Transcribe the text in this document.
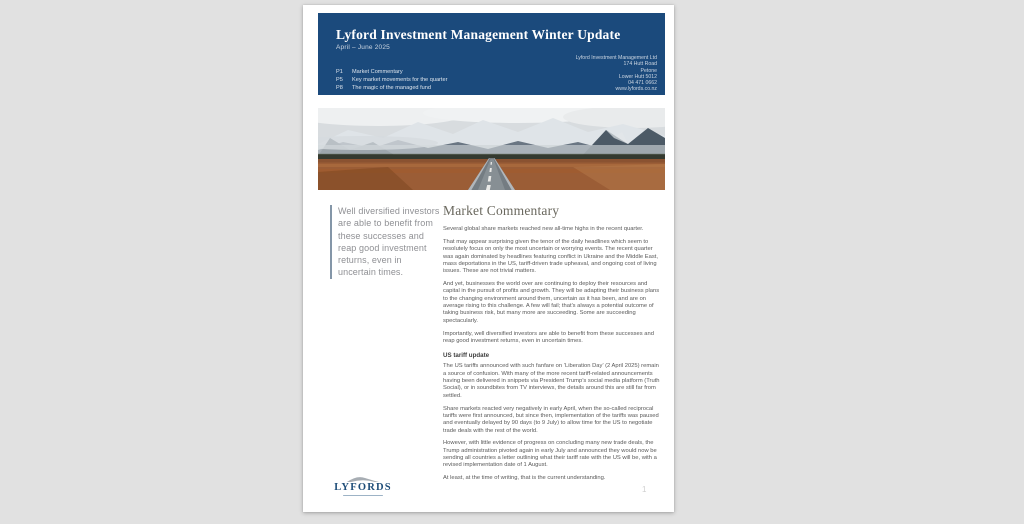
Lyford Investment Management Winter Update
April – June 2025
P1	Market Commentary
P5	Key market movements for the quarter
P8	The magic of the managed fund
Lyford Investment Management Ltd
174 Hutt Road
Petone
Lower Hutt 5012
04 471 0662
www.lyfords.co.nz
Well diversified investors are able to benefit from these successes and reap good investment returns, even in uncertain times.
Market Commentary

Several global share markets reached new all-time highs in the recent quarter.

That may appear surprising given the tenor of the daily headlines which seem to resolutely focus on only the most uncertain or worrying events. The recent quarter was again dominated by headlines featuring conflict in Ukraine and the Middle East, mass deportations in the US, tariff-driven trade upheaval, and ongoing cost of living issues. These are not trivial matters.

And yet, businesses the world over are continuing to deploy their resources and capital in the pursuit of profits and growth. They will be adapting their business plans to the changing environment around them, uncertain as it has been, and are on average rising to this challenge. A few will fail; that's always a potential outcome of taking business risk, but many more are succeeding. Some are succeeding spectacularly.

Importantly, well diversified investors are able to benefit from these successes and reap good investment returns, even in uncertain times.

US tariff update

The US tariffs announced with such fanfare on ‘Liberation Day’ (2 April 2025) remain a source of confusion. With many of the more recent tariff-related announcements having been delivered in snippets via President Trump’s social media platform (Truth Social), or in soundbites from TV interviews, the details around this are still far from settled.

Share markets reacted very negatively in early April, when the so-called reciprocal tariffs were first announced, but since then, implementation of the tariffs was paused and eventually delayed by 90 days (to 9 July) to allow time for the US to negotiate trade deals with the rest of the world.

However, with little evidence of progress on concluding many new trade deals, the Trump administration pivoted again in early July and announced they would now be sending all countries a letter outlining what their tariff rate with the US will be, with a revised implementation date of 1 August.

At least, at the time of writing, that is the current understanding.

LYFORDS	1
